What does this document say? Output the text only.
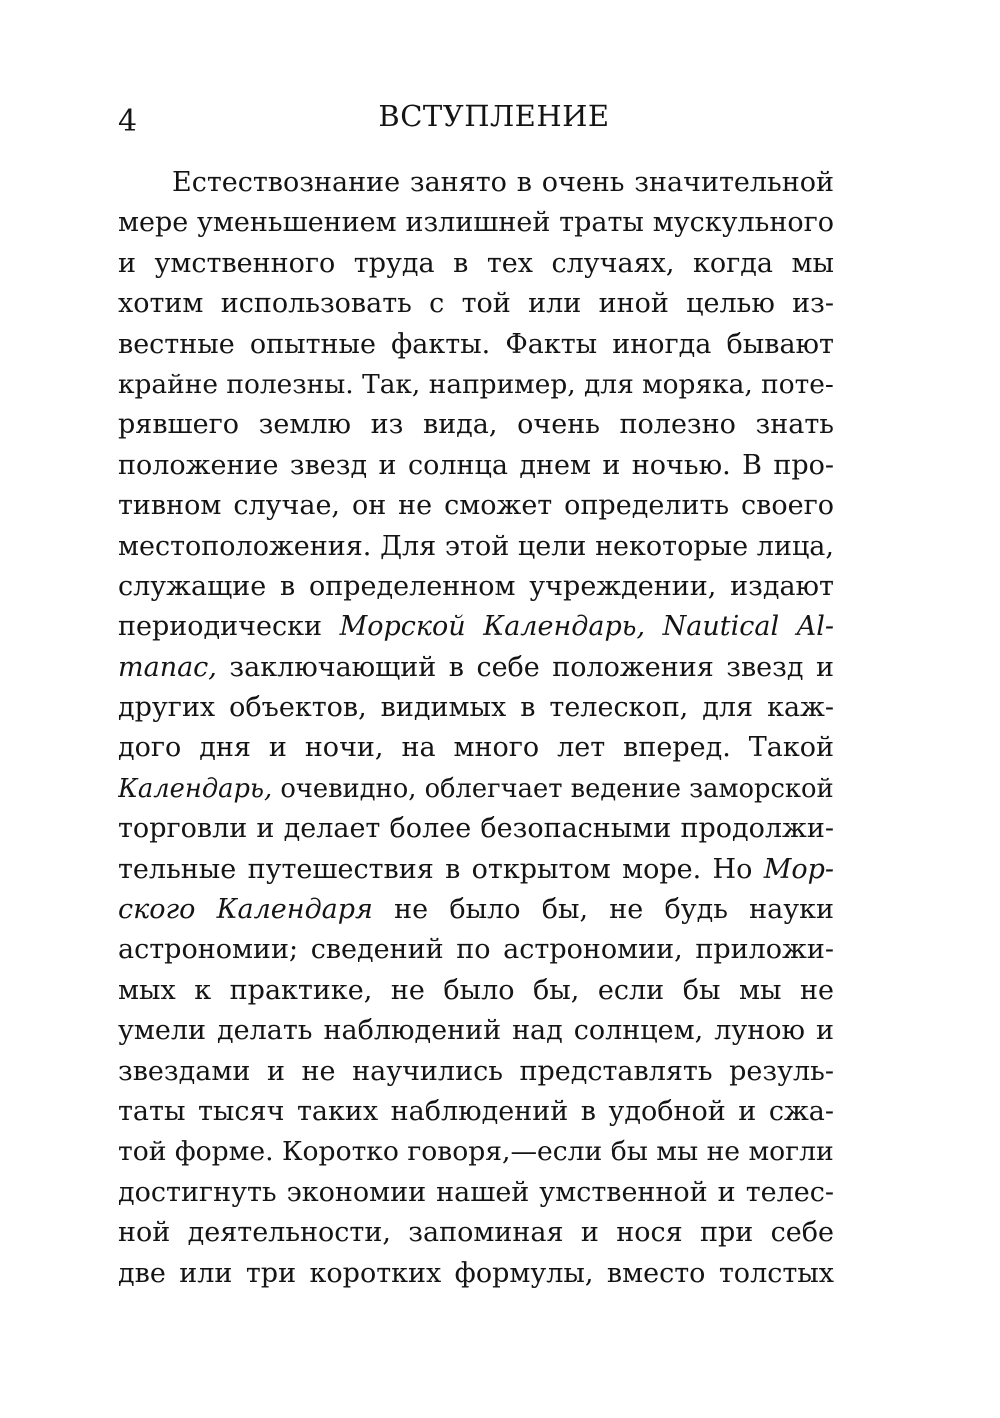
4	ВСТУПЛЕНИЕ
Естествознание занято в очень значительной
мере уменьшением излишней траты мускульного
и умственного труда в тех случаях, когда мы
хотим использовать с той или иной целью из-
вестные опытные факты. Факты иногда бывают
крайне полезны. Так, например, для моряка, поте-
рявшего землю из вида, очень полезно знать
положение звезд и солнца днем и ночью. В про-
тивном случае, он не сможет определить своего
местоположения. Для этой цели некоторые лица,
служащие в определенном учреждении, издают
периодически Морской Календарь, Nautical Al-
manac, заключающий в себе положения звезд и
других объектов, видимых в телескоп, для каж-
дого дня и ночи, на много лет вперед. Такой
Календарь, очевидно, облегчает ведение заморской
торговли и делает более безопасными продолжи-
тельные путешествия в открытом море. Но Мор-
ского Календаря не было бы, не будь науки
астрономии; сведений по астрономии, приложи-
мых к практике, не было бы, если бы мы не
умели делать наблюдений над солнцем, луною и
звездами и не научились представлять резуль-
таты тысяч таких наблюдений в удобной и сжа-
той форме. Коротко говоря,—если бы мы не могли
достигнуть экономии нашей умственной и телес-
ной деятельности, запоминая и нося при себе
две или три коротких формулы, вместо толстых
